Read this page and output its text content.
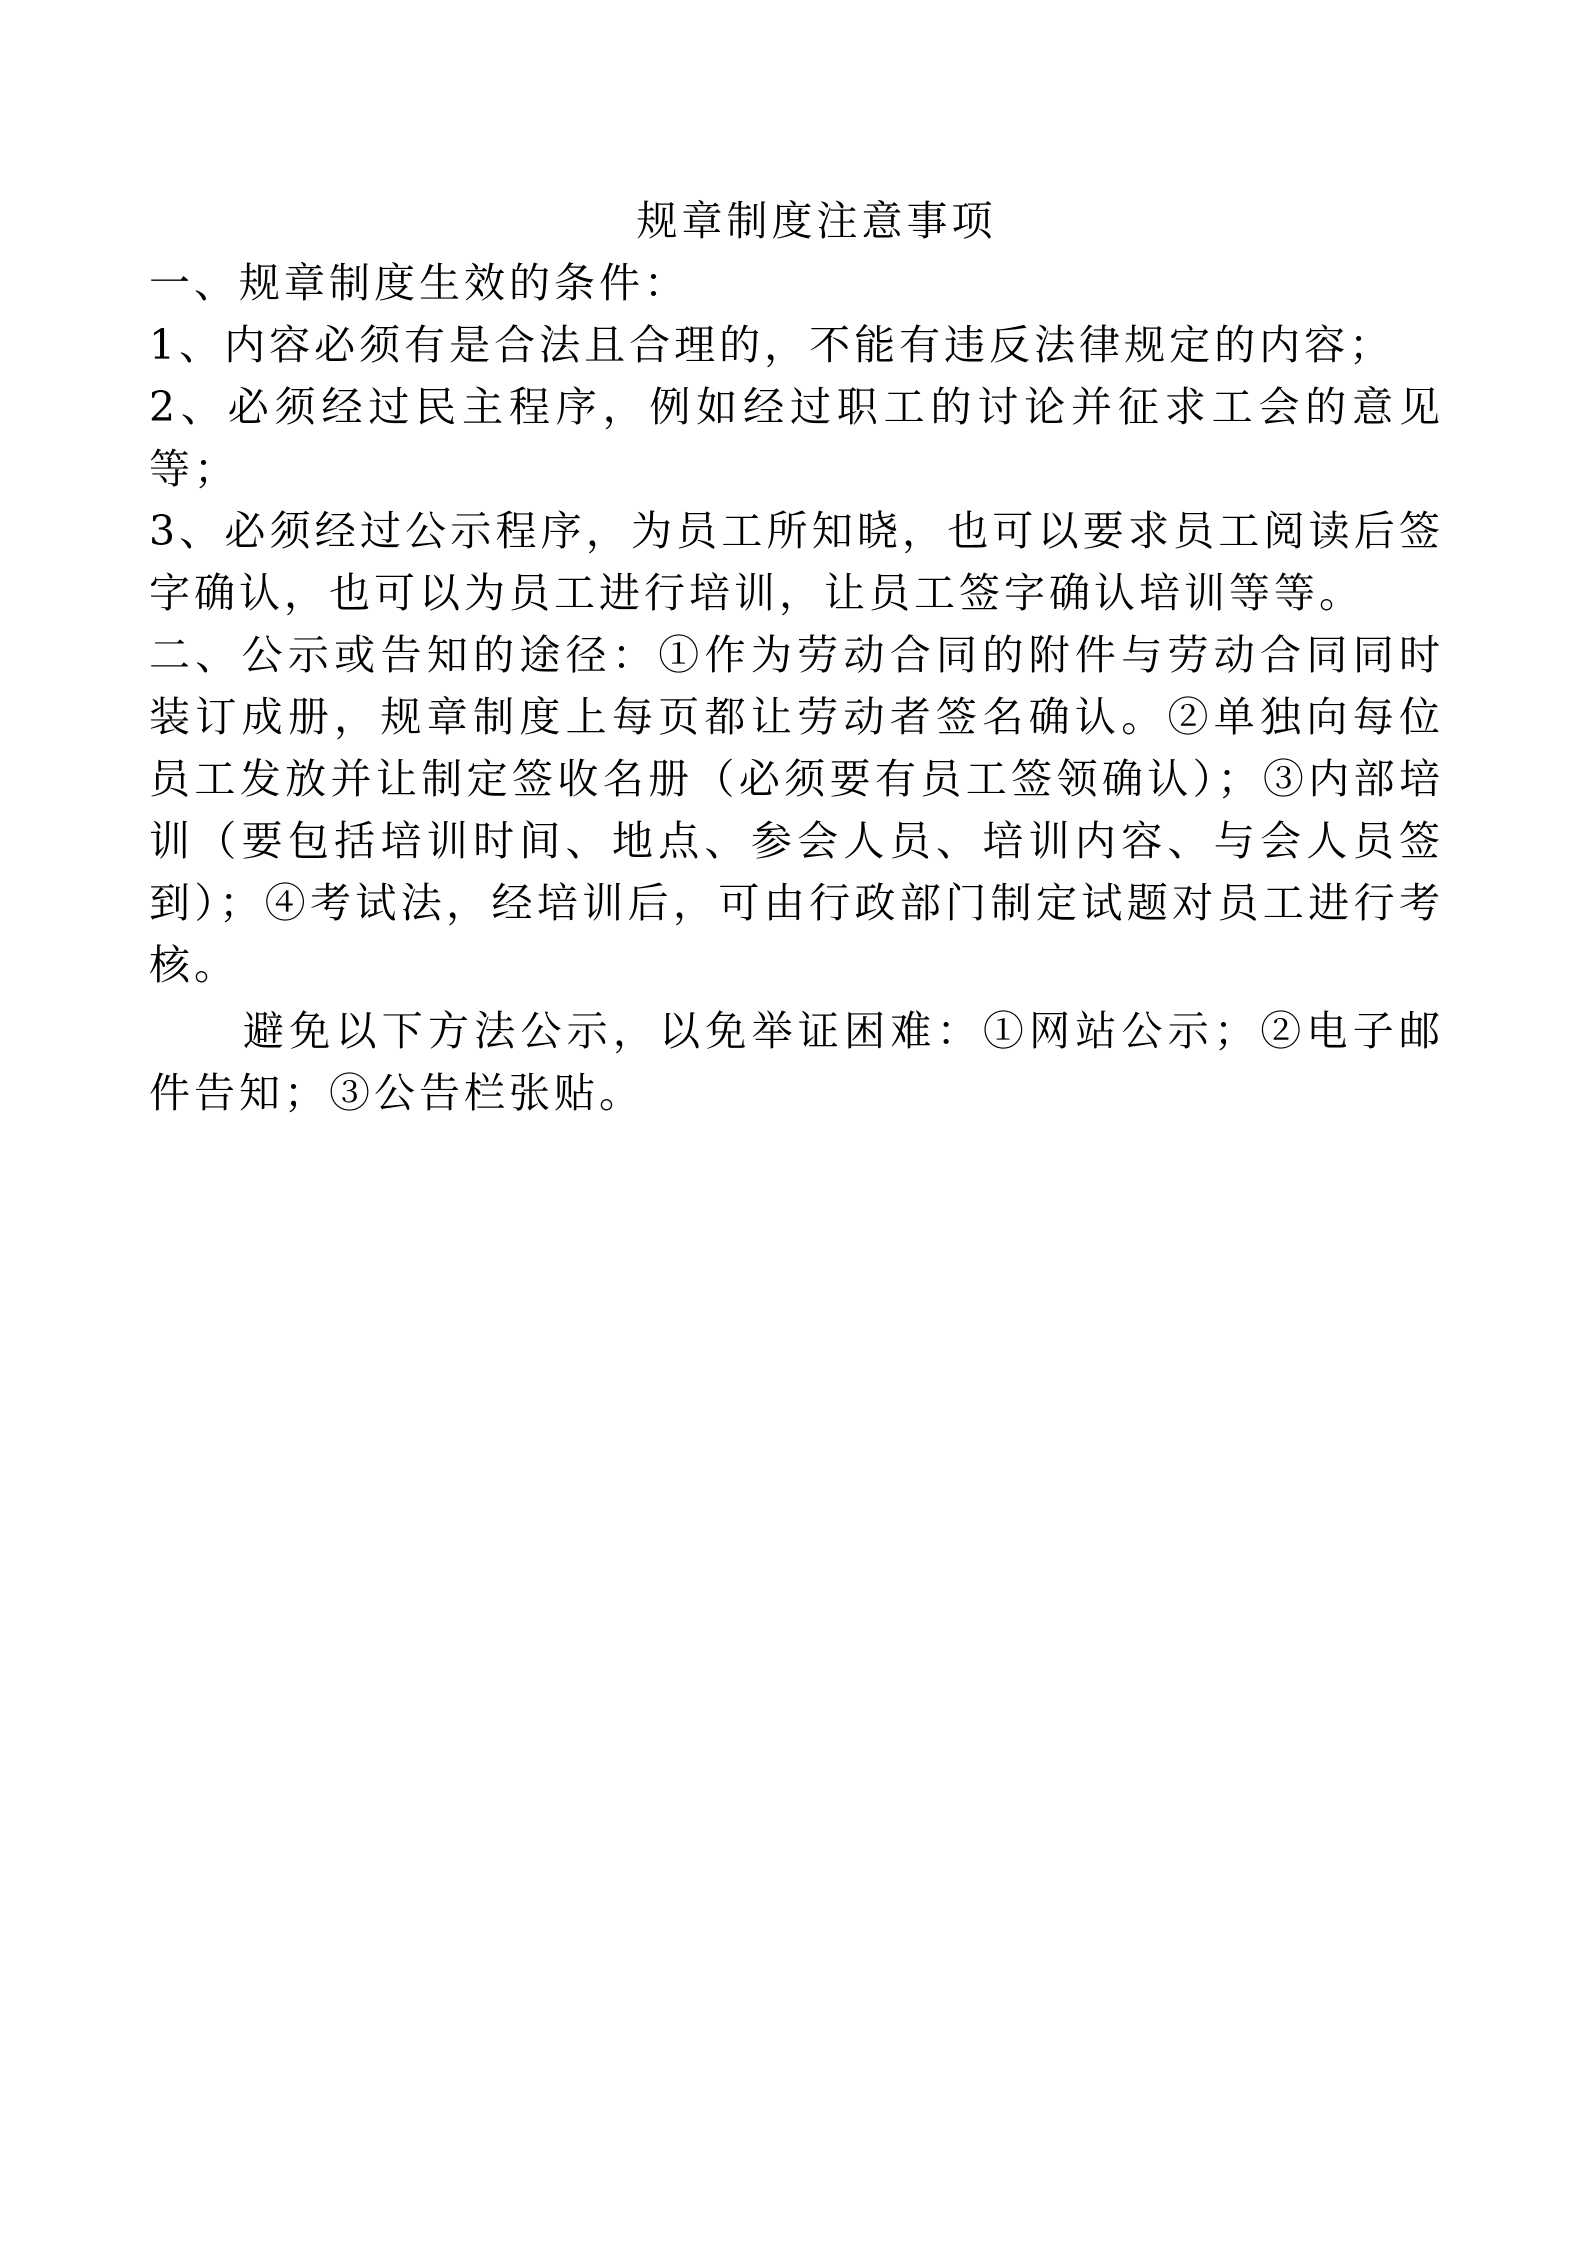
规章制度注意事项

一、规章制度生效的条件：

1、内容必须有是合法且合理的，不能有违反法律规定的内容；

2、必须经过民主程序，例如经过职工的讨论并征求工会的意见等；

3、必须经过公示程序，为员工所知晓，也可以要求员工阅读后签字确认，也可以为员工进行培训，让员工签字确认培训等等。

二、公示或告知的途径：①作为劳动合同的附件与劳动合同同时装订成册，规章制度上每页都让劳动者签名确认。②单独向每位员工发放并让制定签收名册（必须要有员工签领确认）；③内部培训（要包括培训时间、地点、参会人员、培训内容、与会人员签到）；④考试法，经培训后，可由行政部门制定试题对员工进行考核。

避免以下方法公示，以免举证困难：①网站公示；②电子邮件告知；③公告栏张贴。
